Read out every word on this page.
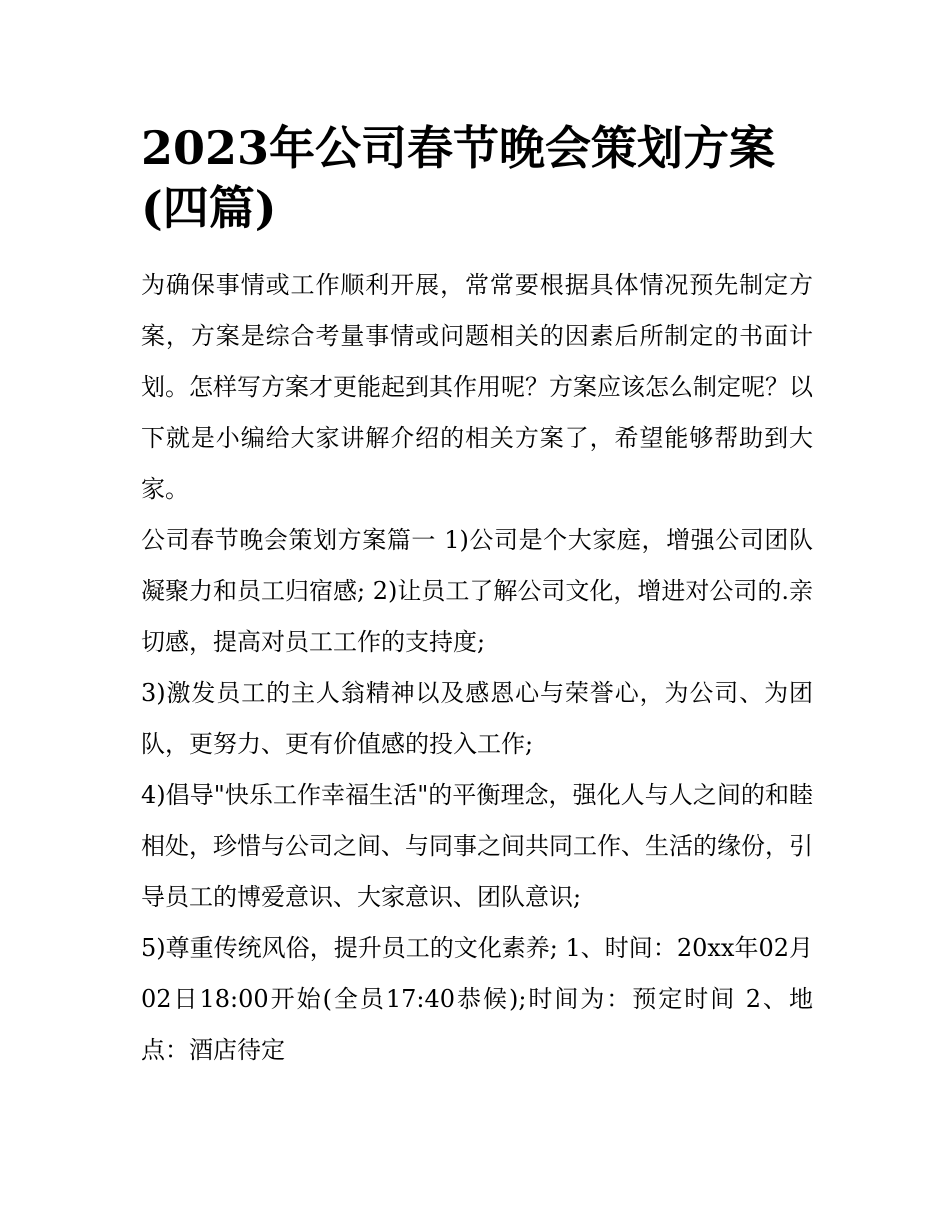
2023年公司春节晚会策划方案(四篇)

为确保事情或工作顺利开展，常常要根据具体情况预先制定方案，方案是综合考量事情或问题相关的因素后所制定的书面计划。怎样写方案才更能起到其作用呢？方案应该怎么制定呢？以下就是小编给大家讲解介绍的相关方案了，希望能够帮助到大家。

公司春节晚会策划方案篇一 1)公司是个大家庭，增强公司团队凝聚力和员工归宿感; 2)让员工了解公司文化，增进对公司的.亲切感，提高对员工工作的支持度;

3)激发员工的主人翁精神以及感恩心与荣誉心，为公司、为团队，更努力、更有价值感的投入工作;

4)倡导"快乐工作幸福生活"的平衡理念，强化人与人之间的和睦相处，珍惜与公司之间、与同事之间共同工作、生活的缘份，引导员工的博爱意识、大家意识、团队意识;

5)尊重传统风俗，提升员工的文化素养; 1、时间：20xx年02月02日18:00开始(全员17:40恭候);时间为：预定时间 2、地点：酒店待定
